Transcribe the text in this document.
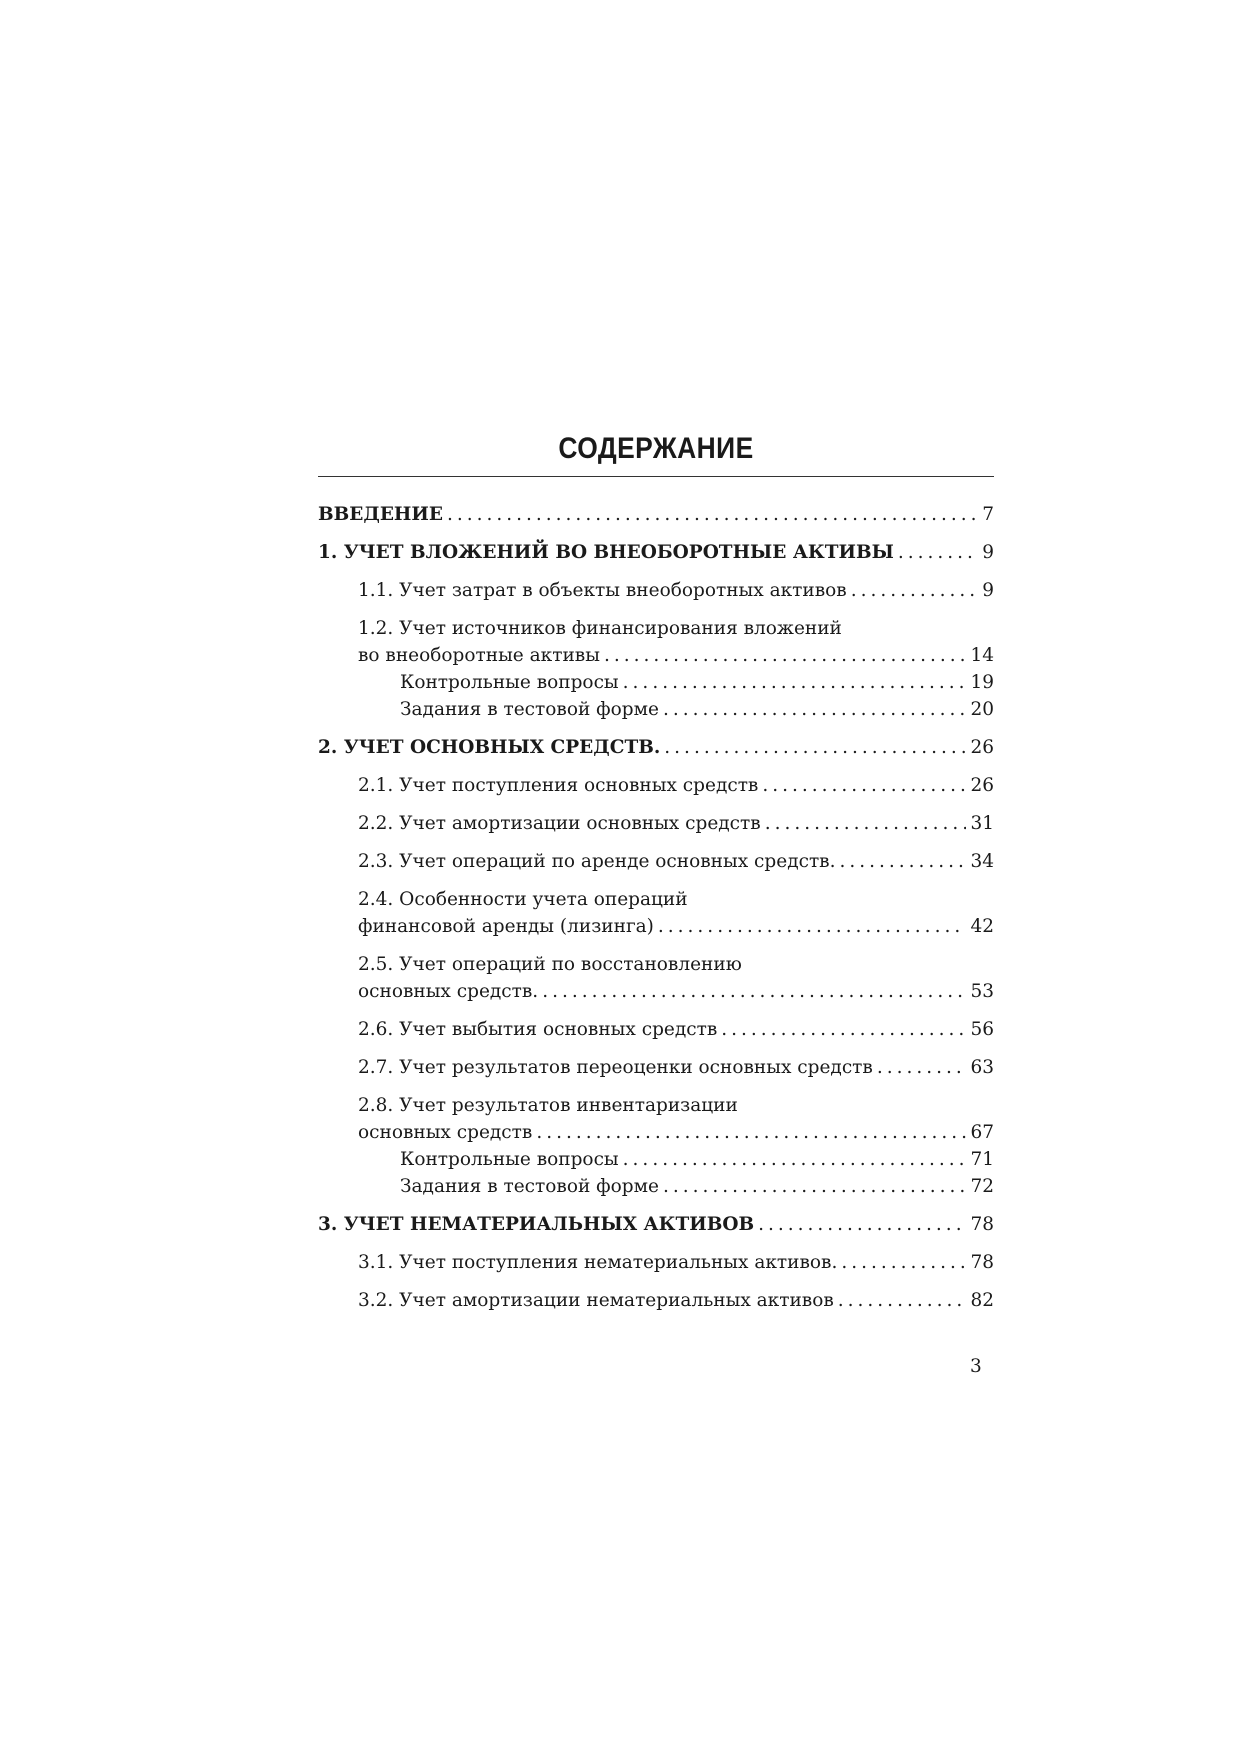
СОДЕРЖАНИЕ
ВВЕДЕНИЕ .....	7
1. УЧЕТ ВЛОЖЕНИЙ ВО ВНЕОБОРОТНЫЕ АКТИВЫ .....	9
1.1. Учет затрат в объекты внеоборотных активов .....	9
1.2. Учет источников финансирования вложений
во внеоборотные активы .....	14
Контрольные вопросы .....	19
Задания в тестовой форме .....	20
2. УЧЕТ ОСНОВНЫХ СРЕДСТВ. .....	26
2.1. Учет поступления основных средств .....	26
2.2. Учет амортизации основных средств .....	31
2.3. Учет операций по аренде основных средств. .....	34
2.4. Особенности учета операций
финансовой аренды (лизинга) .....	42
2.5. Учет операций по восстановлению
основных средств. .....	53
2.6. Учет выбытия основных средств .....	56
2.7. Учет результатов переоценки основных средств .....	63
2.8. Учет результатов инвентаризации
основных средств .....	67
Контрольные вопросы .....	71
Задания в тестовой форме .....	72
3. УЧЕТ НЕМАТЕРИАЛЬНЫХ АКТИВОВ .....	78
3.1. Учет поступления нематериальных активов. .....	78
3.2. Учет амортизации нематериальных активов .....	82
3
